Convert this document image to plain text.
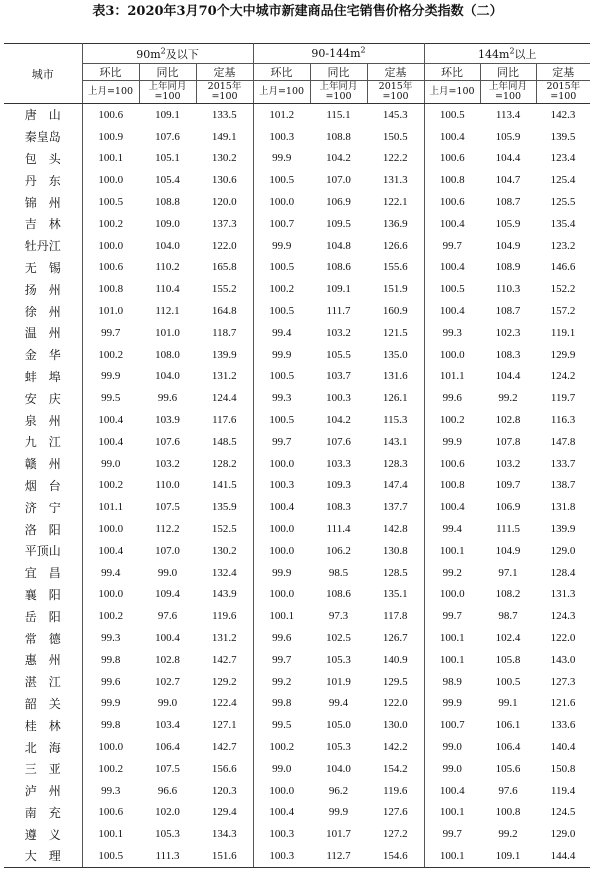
表3：2020年3月70个大中城市新建商品住宅销售价格分类指数（二）
城市	$90m^2$及以下			$90-144m^2$			$144m^2$以上		
	环比	同比	定基	环比	同比	定基	环比	同比	定基
	上月=100	上年同月=100	2015年=100	上月=100	上年同月=100	2015年=100	上月=100	上年同月=100	2015年=100
唐　山	100.6	109.1	133.5	101.2	115.1	145.3	100.5	113.4	142.3
秦皇岛	100.9	107.6	149.1	100.3	108.8	150.5	100.4	105.9	139.5
包　头	100.1	105.1	130.2	99.9	104.2	122.2	100.6	104.4	123.4
丹　东	100.0	105.4	130.6	100.5	107.0	131.3	100.8	104.7	125.4
锦　州	100.5	108.8	120.0	100.0	106.9	122.1	100.6	108.7	125.5
吉　林	100.2	109.0	137.3	100.7	109.5	136.9	100.4	105.9	135.4
牡丹江	100.0	104.0	122.0	99.9	104.8	126.6	99.7	104.9	123.2
无　锡	100.6	110.2	165.8	100.5	108.6	155.6	100.4	108.9	146.6
扬　州	100.8	110.4	155.2	100.2	109.1	151.9	100.5	110.3	152.2
徐　州	101.0	112.1	164.8	100.5	111.7	160.9	100.4	108.7	157.2
温　州	99.7	101.0	118.7	99.4	103.2	121.5	99.3	102.3	119.1
金　华	100.2	108.0	139.9	99.9	105.5	135.0	100.0	108.3	129.9
蚌　埠	99.9	104.0	131.2	100.5	103.7	131.6	101.1	104.4	124.2
安　庆	99.5	99.6	124.4	99.3	100.3	126.1	99.6	99.2	119.7
泉　州	100.4	103.9	117.6	100.5	104.2	115.3	100.2	102.8	116.3
九　江	100.4	107.6	148.5	99.7	107.6	143.1	99.9	107.8	147.8
赣　州	99.0	103.2	128.2	100.0	103.3	128.3	100.6	103.2	133.7
烟　台	100.2	110.0	141.5	100.3	109.3	147.4	100.8	109.7	138.7
济　宁	101.1	107.5	135.9	100.4	108.3	137.7	100.4	106.9	131.8
洛　阳	100.0	112.2	152.5	100.0	111.4	142.8	99.4	111.5	139.9
平顶山	100.4	107.0	130.2	100.0	106.2	130.8	100.1	104.9	129.0
宜　昌	99.4	99.0	132.4	99.9	98.5	128.5	99.2	97.1	128.4
襄　阳	100.0	109.4	143.9	100.0	108.6	135.1	100.0	108.2	131.3
岳　阳	100.2	97.6	119.6	100.1	97.3	117.8	99.7	98.7	124.3
常　德	99.3	100.4	131.2	99.6	102.5	126.7	100.1	102.4	122.0
惠　州	99.8	102.8	142.7	99.7	105.3	140.9	100.1	105.8	143.0
湛　江	99.6	102.7	129.2	99.2	101.9	129.5	98.9	100.5	127.3
韶　关	99.9	99.0	122.4	99.8	99.4	122.0	99.9	99.1	121.6
桂　林	99.8	103.4	127.1	99.5	105.0	130.0	100.7	106.1	133.6
北　海	100.0	106.4	142.7	100.2	105.3	142.2	99.0	106.4	140.4
三　亚	100.2	107.5	156.6	99.0	104.0	154.2	99.0	105.6	150.8
泸　州	99.3	96.6	120.3	100.0	96.2	119.6	100.4	97.6	119.4
南　充	100.6	102.0	129.4	100.4	99.9	127.6	100.1	100.8	124.5
遵　义	100.1	105.3	134.3	100.3	101.7	127.2	99.7	99.2	129.0
大　理	100.5	111.3	151.6	100.3	112.7	154.6	100.1	109.1	144.4
